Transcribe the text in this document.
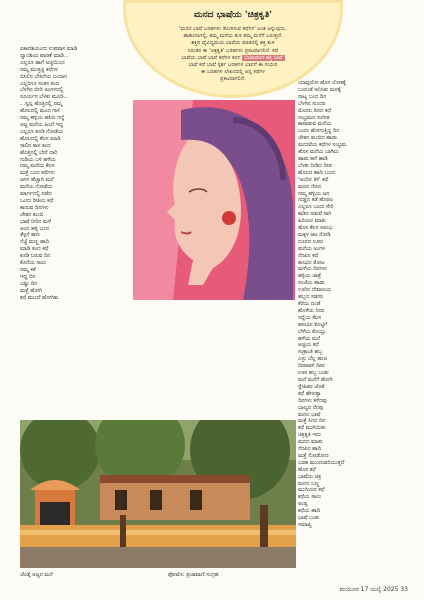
ಮನದ ಭಾಷೆಯ 'ಚಿತ್ರಕೃತಿ'
'ಮನದ ಭಾಷೆ ಬರಹಗಳು ತೋರಿಸುವ ಕಥೆಗಳ' ಅಂತ ಅನ್ನುವುದು,
ಹಾಡಿಯಾಗಲ್ಲಿ, ತಮ್ಮ ಮನೆಯ ತುಳಿ ತಮ್ಮ ಮನೆಗೆ ಬರುತ್ತದೆ.
ಶಕ್ತಿಪ ವೈವಿಧ್ಯಮಯ ಭಾಷೆಯ ಮಾತಿನಲ್ಲಿ ಶಕ್ತಿ ತುಳಿ
ನಿರಂತರ ಈ 'ಚಿತ್ರಕೃತಿ' ಬರಹಗಳು ಪ್ರಕಟವಾಗಲಿದೆ. ಕಥೆ
ಭಾಷೆಯ ಭಾಷೆ ಭಾಷೆ ಕಥೆಗಳ ಕಥಗ ಭಾಷಾಮಾನ ಶಕ್ತಿ ಭಾಷೆ
ಭಾಷೆ ಕಥೆ ಭಾಷೆ ಸ್ಪರ್ಶ ಬರಹಗಳ ಭಾವನೆ ಈ ಗಂಭೀರ
ಈ ಬರಹಗಳ ಲೇಖನದಲ್ಲಿ ಅನ್ನ ಕಥೆಗಳ
ಪ್ರಕಟವಾಗಲಿದೆ.
ಏಕಾದಶಿಯಂದು ಉಪವಾಸ ಮಾಡಿ
ದ್ವಾದಶಿಯ ಪಾರಣೆ ಮಾಡಿ...
ಎಲ್ಲರೂ ಹಾಗೆ ಅಜ್ಜಿಯಿಂದ
ನಮ್ಮ ಮುತ್ತಜ್ಜಿ ಕಥೆಗಳ
ಬಿಸಿಲಿನ ಬೇಸಿಗೆಯ ಬಂದಾಗ
ಎಲ್ಲರಿಗೂ ಸಂತಸ ತಂದ
ಬೆಳಗಿನ ಬೀದಿ ಅಂಗಳದಲ್ಲಿ
ಸೂರ್ಯನ ಬೆಳಕು ಮೂಡಿ...
...ಸ್ವಲ್ಪ ಹೊತ್ತಿನಲ್ಲಿ ನಮ್ಮ
ಹೊಲದಲ್ಲಿ ಮಂದ ಗಾಳಿ
ನಮ್ಮ ಹಳ್ಳಿಯ ಹಸಿರು ಗದ್ದೆ
ಅಜ್ಜ ಮನೆಯ ಹಿಂದೆ ಇದ್ದ
ಎಲ್ಲರೂ ಕೂಡಿ ಗೋಡೆಯ
ಹೊಲದಲ್ಲಿ ಕೆಲಸ ಮಾಡಿ
ಸಾಲಿನ ತಾಳ ತಂದ
ಹೊತ್ತಿನಲ್ಲಿ ಬೇರೆ ದಾರಿ
ಗುಡಿಯ ಬಳಿ ಹಳೆಯ
ನಮ್ಮ ಮನೆಯ ಕೆಲಸ
ಮತ್ತೆ ಬಂದ ಕಥೆಗಳು
ಜಗಳ ಹೆಚ್ಚಾಗಿ ಮನೆ
ಮನೆಯ ಗೋಡೆಯ
ಮಾರ್ಗದಲ್ಲಿ ನಡೆದ
ಒಂದು ರೀತಿಯ ಕಥೆ
ಕಾಣುವ ದಿನಗಳು
ಚೇತನ ತುಂಬಿ
ಭಾಷೆ ನೀರಿನ ಮಳೆ
ಅಂದ ಹಳ್ಳಿ ಬಂದ
ತೆಳ್ಳನೆ ಕಾಳು
ಗೆಜ್ಜೆ ಮಣ್ಣ ಹಾದಿ
ಮಾಡಿ ತಂದ ಕಥೆ
ಕೂಡಿ ಬರುವ ದಿನ
ಕೊನೆಯ ಸಾಲು
ನಮ್ಮ ಕತೆ
ಇದ್ದ ದಿನ
ಎಷ್ಟು ದಿನ
ಮತ್ತೆ ಹೋಗಿ
ಕಥೆ ಮುಂದೆ ಹೋಗಿತು
ಯಾವುದೋ ಹೊಸ ಲೋಕಕ್ಕೆ
ಬಂದಂತೆ ಅನಿಸಿತು ಮನಕ್ಕೆ
ನಾಟ್ಯ ಬಂದ ದಿನ
ಬೆಳಗಿನ ಸುಂದರ
ಮೊದಲ ದಿನದ ಕಥೆ
ಸಂಭ್ರಮದ ಸಂಗೀತ
ಕಾಪಾಡುವ ಮನೆಯ
ಬಂದು ಹೋಗುತ್ತಿದ್ದ ದಿನ
ಚೇತನ ತುಂಬಿದ ಹಾಡು
ಮದುವೆಯ ಕಥೆಗಳ ಸಂಭ್ರಮ
ಹೊಸ ಮನೆಯ ಬಾಗಿಲು
ಹಾಡು ಹಸೆ ಹಾಡಿ
ಬೆಳಕು ನೀಡಿದ ದೀಪ
ಹೊಲದ ಹಾದಿ ಬಂದು
'ಅಂದಿನ ತಿಳಿ' ಕಥೆ
ಮರದ ನೆರಳು
ನಮ್ಮ ಹಳ್ಳಿಯ ಜನ
ಗುಡ್ಡದ ಕಡೆ ಹೊರಟ
ಎಲ್ಲರೂ ಬಂದು ಸೇರಿ
ಕಾಡಿನ ನಡುವೆ ಸಾಗಿ
ಹಿರಿಯರ ಮಾತು
ಹೊಸ ಕೆಲಸ ಆರಂಭ
ಮಕ್ಕಳ ಆಟ ನೋಡಿ
ದೂರದ ಊರು
ಮನೆಯ ಅಂಗಳ
ನೆನಪಿನ ಕಥೆ
ಹೂವಿನ ತೋಟ
ಮಳೆಯ ದಿನಗಳು
ಹಳ್ಳಿಯ ಜಾತ್ರೆ
ಸಂಜೆಯ ಹಾಡು
ಊರಿನ ದೇವಾಲಯ
ಹಬ್ಬದ ಸಡಗರ
ಕೆರೆಯ ದಂಡೆ
ಹೊಳೆಯ ನೀರು
ಗದ್ದೆಯ ಕೆಲಸ
ಹಸುವಿನ ಕೊಟ್ಟಿಗೆ
ಬೆಳೆಯ ಕೊಯ್ಲು
ಹಳೆಯ ಮನೆ
ಅಜ್ಜಿಯ ಕಥೆ
ಸಂಕ್ರಾಂತಿ ಹಬ್ಬ
ಎಳ್ಳು ಬೆಲ್ಲ ಹಂಚಿ
ದೀಪಾವಳಿ ದೀಪ
ಊರ ಹಬ್ಬ ಬಂತು
ಮನೆ ಮನೆಗೆ ಹೋಗಿ
ಸ್ನೇಹಿತರ ಜೊತೆ
ಕಥೆ ಹೇಳುತ್ತಾ
ದಿನಗಳು ಕಳೆದವು
ಬಾಲ್ಯದ ನೆನಪು
ಮನದ ಭಾಷೆ
ಮತ್ತೆ ಸಿಗದ ದಿನ
ಕಥೆ ಮುಗಿಯಿತು
ಚಿತ್ರಕೃತಿ ಇದು
ಮನದ ಮಾತು
ನೆನಪಿನ ಹಾದಿ
ಮತ್ತೆ ನೋಡೋಣ
ಬರಹ ಮುಂದುವರಿಯುತ್ತದೆ
ಹೊಸ ಕಥೆ
ಭಾಷೆಯ ಚಿತ್ರ
ಮನದ ಬಣ್ಣ
ಮುಗಿಯದ ಕಥೆ
ಕಥೆಯ ಸಾಲು
ಅಂತ್ಯ
ಕಥೆಯ ಹಾದಿ
ಭಾಷೆ ಬಂತು
ಸಮಾಪ್ತಿ
ಚೆಂಡ್ಕೆ ಅಜ್ಜನ ಮನೆ	ಫೋಟೊ: ಪ್ರಜಾವಾಣಿ ಸಂಗ್ರಹ
ಮಯೂರ 17 ಜುಲೈ 2025 33
